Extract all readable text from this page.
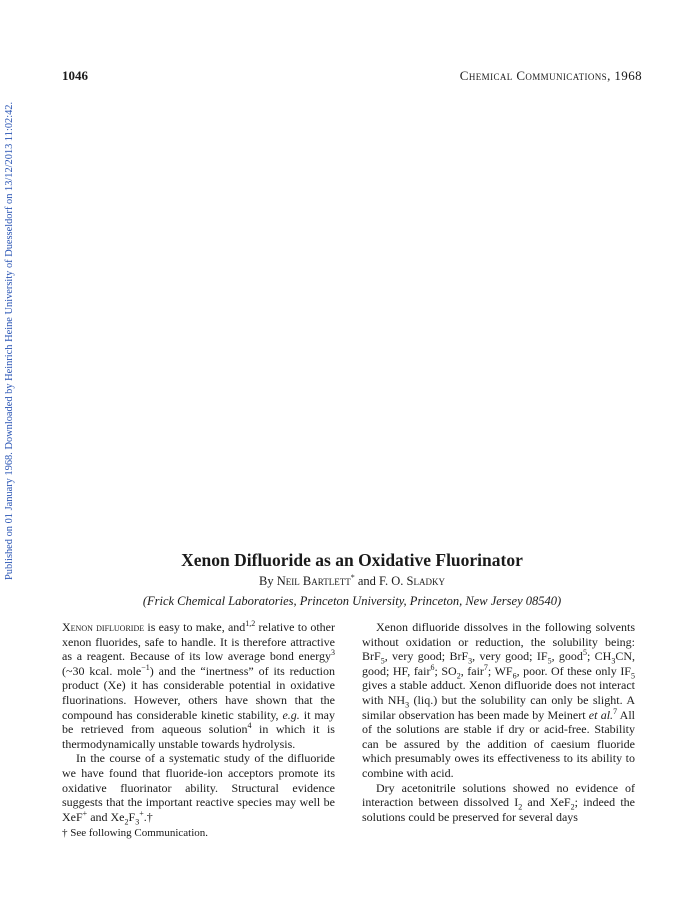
Published on 01 January 1968. Downloaded by Heinrich Heine University of Duesseldorf on 13/12/2013 11:02:42.
1046	Chemical Communications, 1968
Xenon Difluoride as an Oxidative Fluorinator
By Neil Bartlett* and F. O. Sladky
(Frick Chemical Laboratories, Princeton University, Princeton, New Jersey 08540)

Xenon difluoride is easy to make, and$^{1,2}$ relative to other xenon fluorides, safe to handle. It is therefore attractive as a reagent. Because of its low average bond energy$^3$ (~30 kcal. mole$^{-1}$) and the “inertness” of its reduction product (Xe) it has considerable potential in oxidative fluorinations. However, others have shown that the compound has considerable kinetic stability, e.g. it may be retrieved from aqueous solution$^4$ in which it is thermodynamically unstable towards hydrolysis.

In the course of a systematic study of the difluoride we have found that fluoride-ion acceptors promote its oxidative fluorinator ability. Structural evidence suggests that the important reactive species may well be XeF+ and $Xe_2F_3^+.\dagger$

Xenon difluoride dissolves in the following solvents without oxidation or reduction, the solubility being: BrF$_5$, very good; BrF$_3$, very good; $IF_5$, good$^5$; $CH_3CN$, good; HF, fair$^6$; $SO_2$, fair$^7$; $WF_6$, poor. Of these only $IF_5$ gives a stable adduct. Xenon difluoride does not interact with $NH_3$ (liq.) but the solubility can only be slight. A similar observation has been made by Meinert et al.$^7$ All of the solutions are stable if dry or acid-free. Stability can be assured by the addition of caesium fluoride which presumably owes its effectiveness to its ability to combine with acid.

Dry acetonitrile solutions showed no evidence of interaction between dissolved $I_2$ and XeF$_2$; indeed the solutions could be preserved for several days

† See following Communication.
